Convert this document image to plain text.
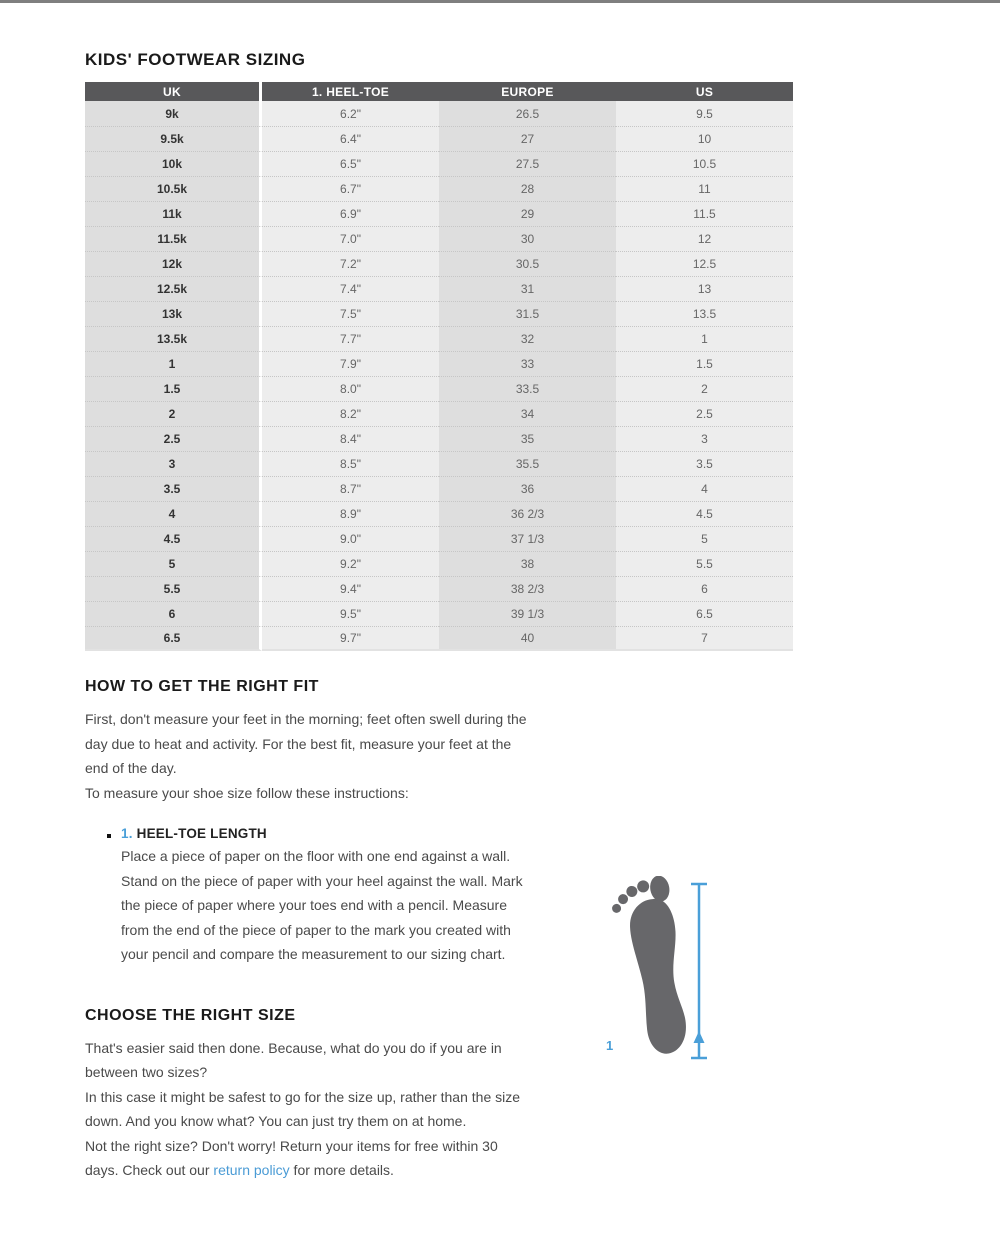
KIDS' FOOTWEAR SIZING
UK	1. HEEL-TOE	EUROPE	US
9k	6.2"	26.5	9.5
9.5k	6.4"	27	10
10k	6.5"	27.5	10.5
10.5k	6.7"	28	11
11k	6.9"	29	11.5
11.5k	7.0"	30	12
12k	7.2"	30.5	12.5
12.5k	7.4"	31	13
13k	7.5"	31.5	13.5
13.5k	7.7"	32	1
1	7.9"	33	1.5
1.5	8.0"	33.5	2
2	8.2"	34	2.5
2.5	8.4"	35	3
3	8.5"	35.5	3.5
3.5	8.7"	36	4
4	8.9"	36 2/3	4.5
4.5	9.0"	37 1/3	5
5	9.2"	38	5.5
5.5	9.4"	38 2/3	6
6	9.5"	39 1/3	6.5
6.5	9.7"	40	7
HOW TO GET THE RIGHT FIT

First, don't measure your feet in the morning; feet often swell during the day due to heat and activity. For the best fit, measure your feet at the end of the day.

To measure your shoe size follow these instructions:

1. HEEL-TOE LENGTH

Place a piece of paper on the floor with one end against a wall. Stand on the piece of paper with your heel against the wall. Mark the piece of paper where your toes end with a pencil. Measure from the end of the piece of paper to the mark you created with your pencil and compare the measurement to our sizing chart.

CHOOSE THE RIGHT SIZE

That's easier said then done. Because, what do you do if you are in between two sizes?

In this case it might be safest to go for the size up, rather than the size down. And you know what? You can just try them on at home.

Not the right size? Don't worry! Return your items for free within 30 days. Check out our return policy for more details.

1
